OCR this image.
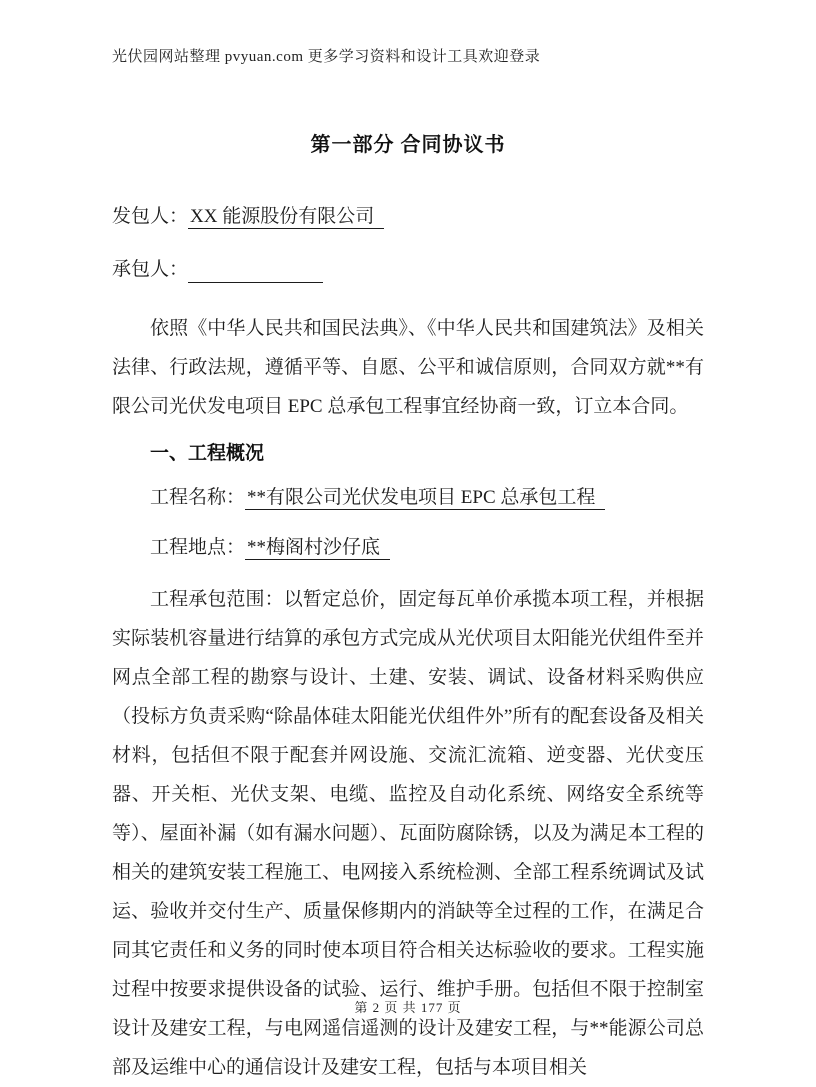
光伏园网站整理 pvyuan.com 更多学习资料和设计工具欢迎登录
第一部分 合同协议书

发包人： XX 能源股份有限公司

承包人：

依照《中华人民共和国民法典》、《中华人民共和国建筑法》及相关法律、行政法规，遵循平等、自愿、公平和诚信原则，合同双方就**有限公司光伏发电项目 EPC 总承包工程事宜经协商一致，订立本合同。

一、工程概况

工程名称： **有限公司光伏发电项目 EPC 总承包工程

工程地点： **梅阁村沙仔底

工程承包范围：以暂定总价，固定每瓦单价承揽本项工程，并根据实际装机容量进行结算的承包方式完成从光伏项目太阳能光伏组件至并网点全部工程的勘察与设计、土建、安装、调试、设备材料采购供应（投标方负责采购“除晶体硅太阳能光伏组件外”所有的配套设备及相关材料，包括但不限于配套并网设施、交流汇流箱、逆变器、光伏变压器、开关柜、光伏支架、电缆、监控及自动化系统、网络安全系统等等）、屋面补漏（如有漏水问题）、瓦面防腐除锈，以及为满足本工程的相关的建筑安装工程施工、电网接入系统检测、全部工程系统调试及试运、验收并交付生产、质量保修期内的消缺等全过程的工作，在满足合同其它责任和义务的同时使本项目符合相关达标验收的要求。工程实施过程中按要求提供设备的试验、运行、维护手册。包括但不限于控制室设计及建安工程，与电网遥信遥测的设计及建安工程，与**能源公司总部及运维中心的通信设计及建安工程，包括与本项目相关

第 2 页 共 177 页
